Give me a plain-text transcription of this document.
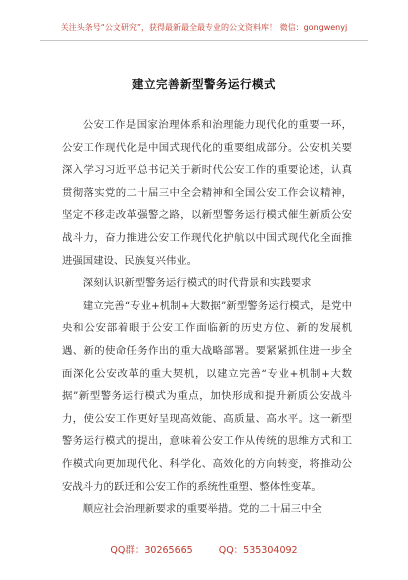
关注头条号“公文研究”，获得最新最全最专业的公文资料库！ 微信：gongwenyj
建立完善新型警务运行模式

公安工作是国家治理体系和治理能力现代化的重要一环，公安工作现代化是中国式现代化的重要组成部分。公安机关要深入学习习近平总书记关于新时代公安工作的重要论述，认真贯彻落实党的二十届三中全会精神和全国公安工作会议精神，坚定不移走改革强警之路，以新型警务运行模式催生新质公安战斗力，奋力推进公安工作现代化护航以中国式现代化全面推进强国建设、民族复兴伟业。

深刻认识新型警务运行模式的时代背景和实践要求

建立完善“专业+机制+大数据”新型警务运行模式，是党中央和公安部着眼于公安工作面临新的历史方位、新的发展机遇、新的使命任务作出的重大战略部署。要紧紧抓住进一步全面深化公安改革的重大契机，以建立完善“专业+机制+大数据”新型警务运行模式为重点，加快形成和提升新质公安战斗力，使公安工作更好呈现高效能、高质量、高水平。这一新型警务运行模式的提出，意味着公安工作从传统的思维方式和工作模式向更加现代化、科学化、高效化的方向转变，将推动公安战斗力的跃迁和公安工作的系统性重塑、整体性变革。

顺应社会治理新要求的重要举措。党的二十届三中全

QQ群：30265665	QQ：535304092
